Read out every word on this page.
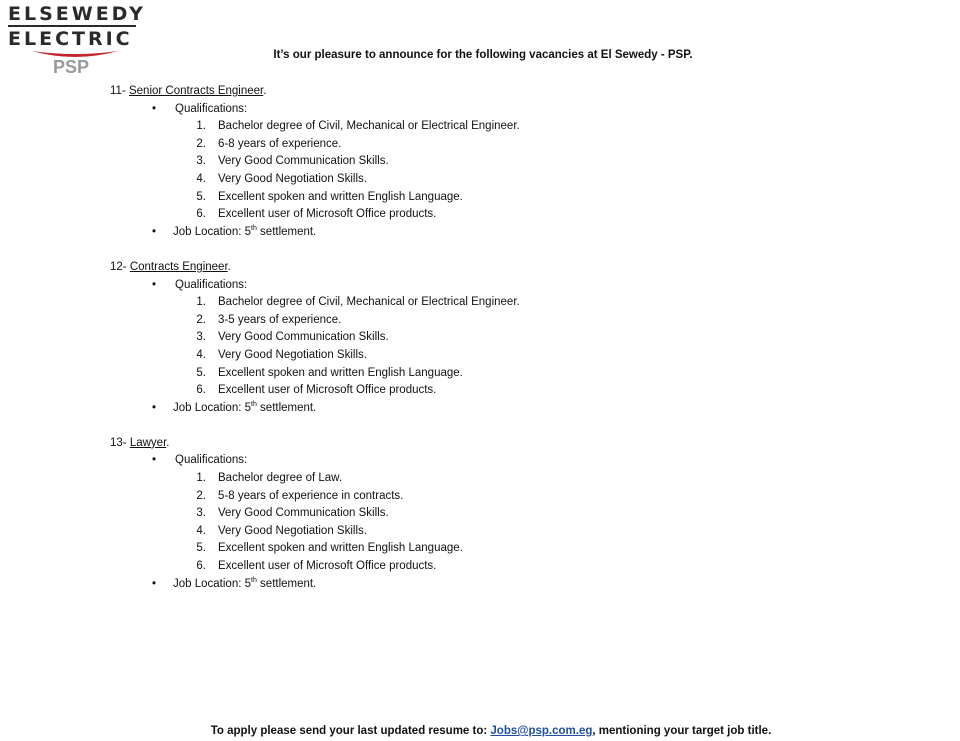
ELSEWEDY
ELECTRIC
PSP
It’s our pleasure to announce for the following vacancies at El Sewedy - PSP.
11- Senior Contracts Engineer.
• Qualifications:
1. Bachelor degree of Civil, Mechanical or Electrical Engineer.
2. 6-8 years of experience.
3. Very Good Communication Skills.
4. Very Good Negotiation Skills.
5. Excellent spoken and written English Language.
6. Excellent user of Microsoft Office products.
• Job Location: 5th settlement.
12- Contracts Engineer.
• Qualifications:
1. Bachelor degree of Civil, Mechanical or Electrical Engineer.
2. 3-5 years of experience.
3. Very Good Communication Skills.
4. Very Good Negotiation Skills.
5. Excellent spoken and written English Language.
6. Excellent user of Microsoft Office products.
• Job Location: 5th settlement.
13- Lawyer.
• Qualifications:
1. Bachelor degree of Law.
2. 5-8 years of experience in contracts.
3. Very Good Communication Skills.
4. Very Good Negotiation Skills.
5. Excellent spoken and written English Language.
6. Excellent user of Microsoft Office products.
• Job Location: 5th settlement.
To apply please send your last updated resume to: Jobs@psp.com.eg, mentioning your target job title.
